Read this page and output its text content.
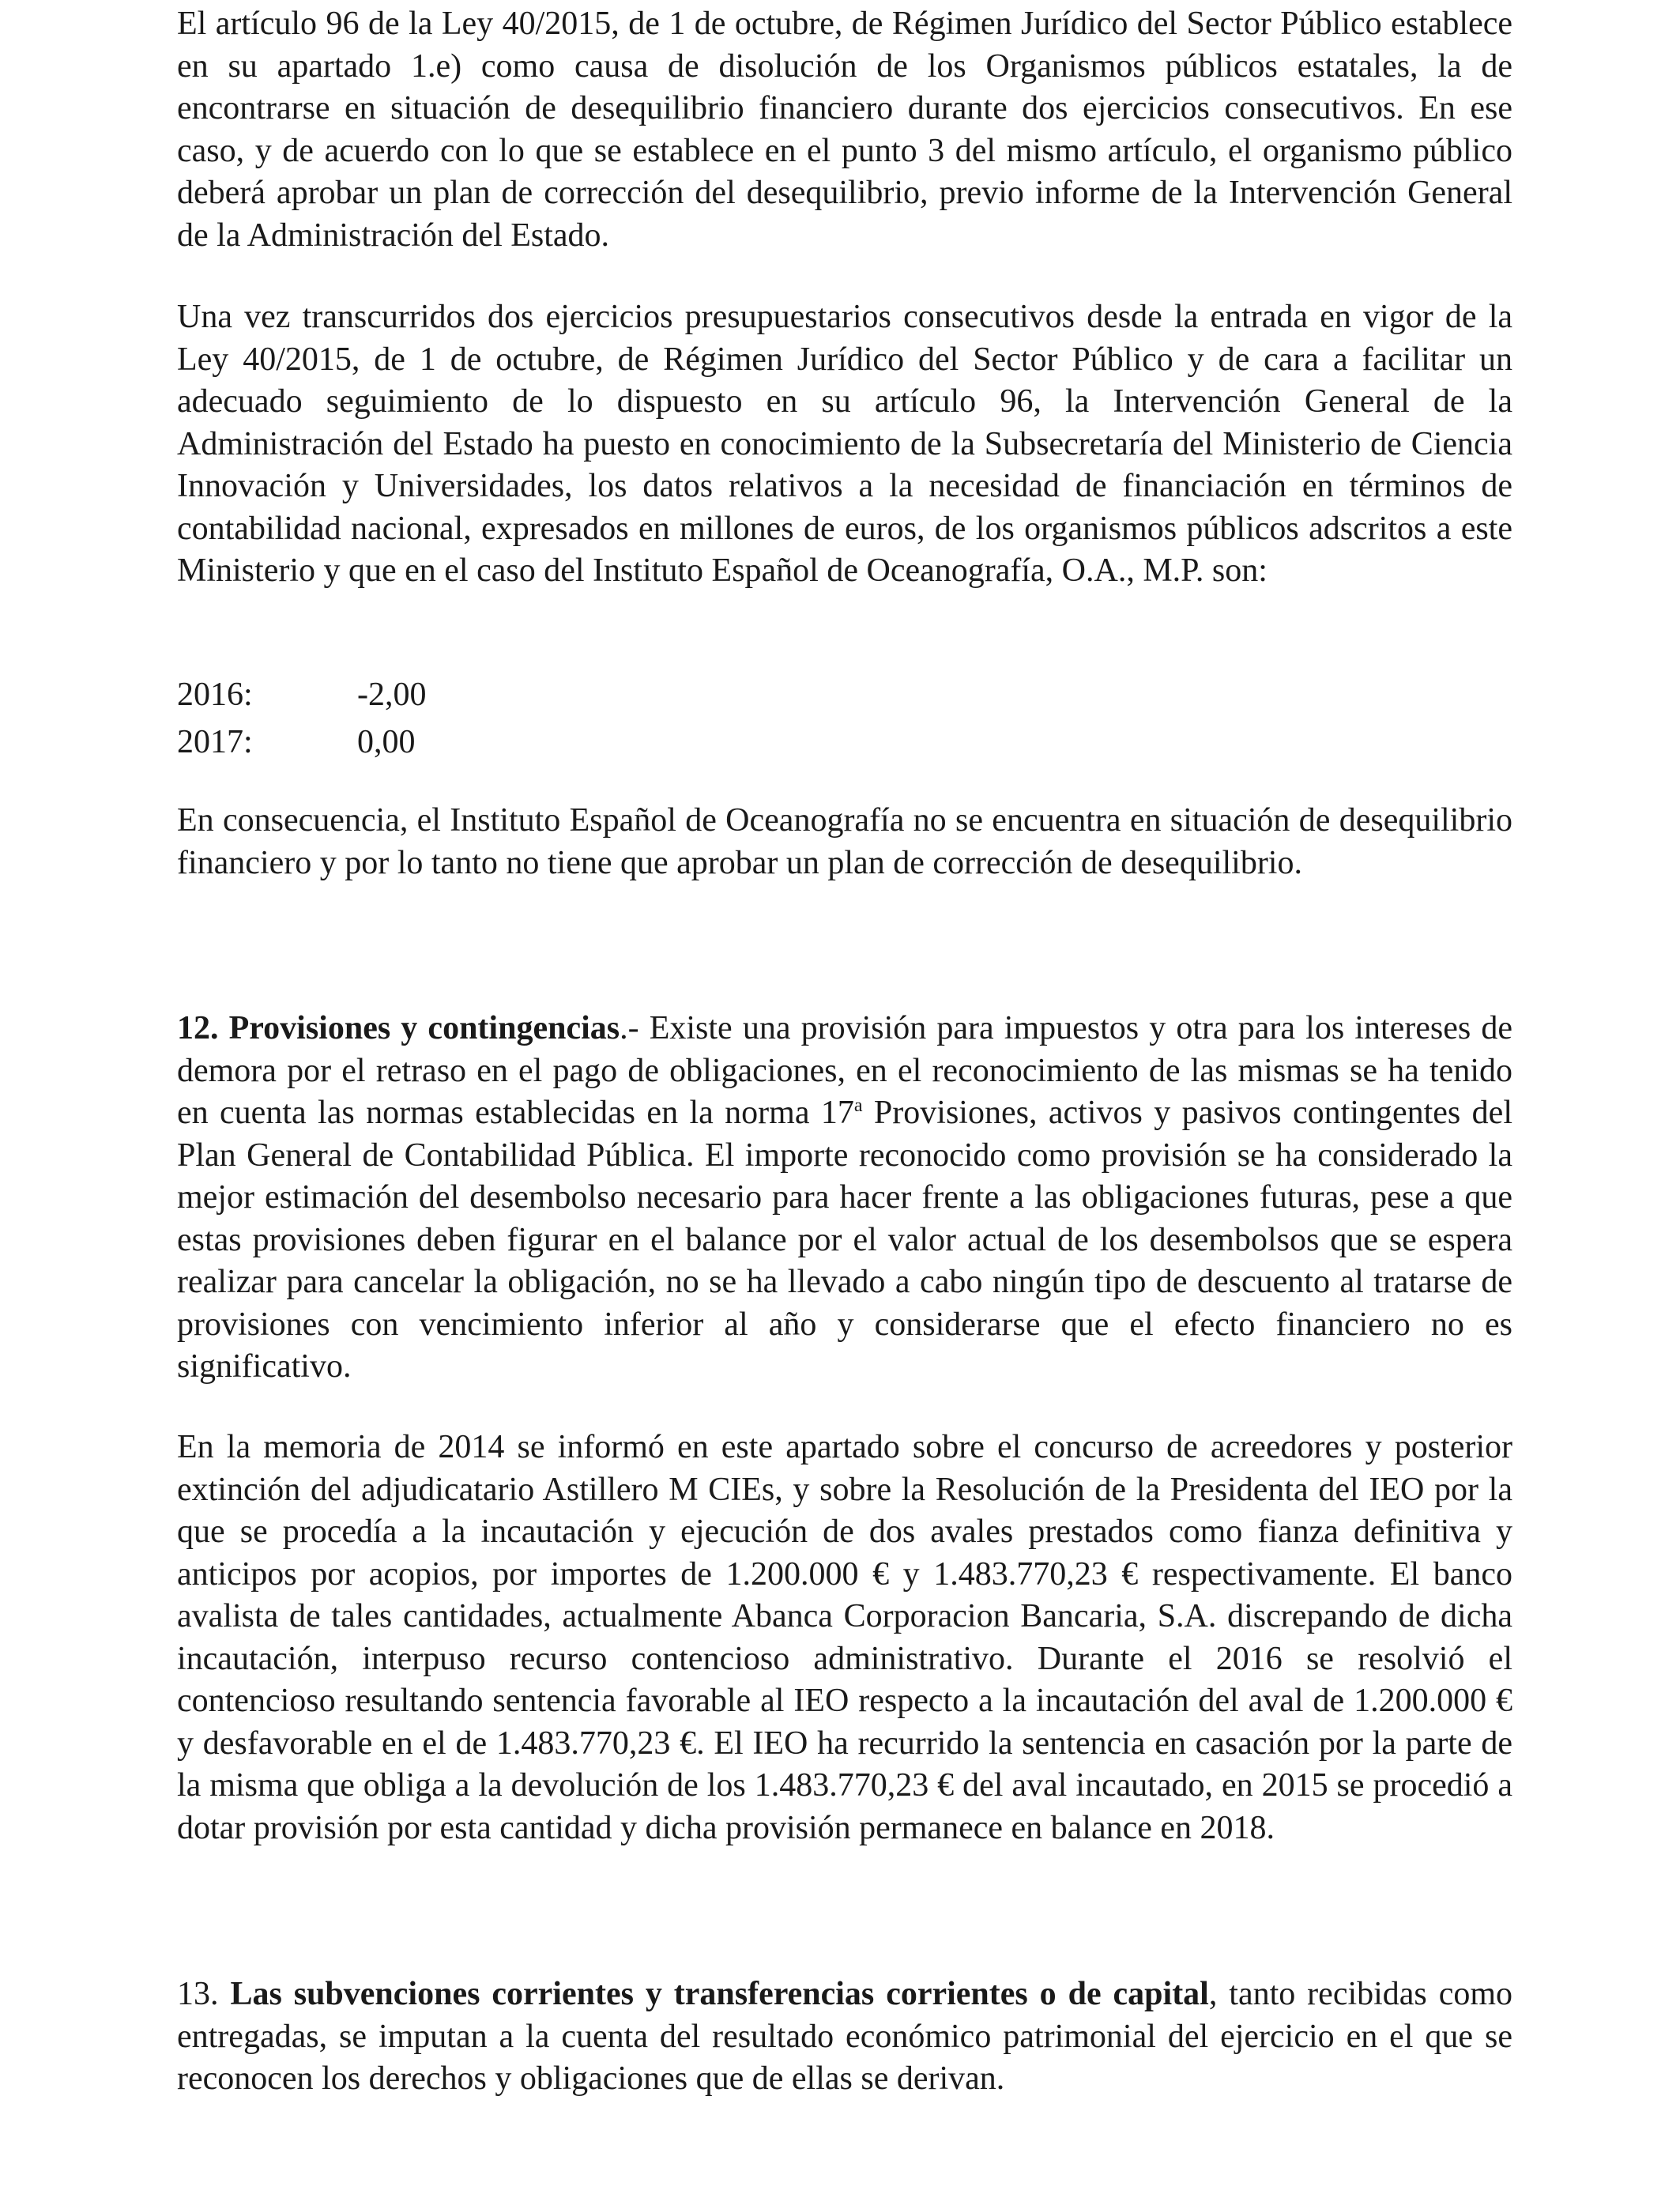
El artículo 96 de la Ley 40/2015, de 1 de octubre, de Régimen Jurídico del Sector Público establece en su apartado 1.e) como causa de disolución de los Organismos públicos estatales, la de encontrarse en situación de desequilibrio financiero durante dos ejercicios consecutivos. En ese caso, y de acuerdo con lo que se establece en el punto 3 del mismo artículo, el organismo público deberá aprobar un plan de corrección del desequilibrio, previo informe de la Intervención General de la Administración del Estado.

Una vez transcurridos dos ejercicios presupuestarios consecutivos desde la entrada en vigor de la Ley 40/2015, de 1 de octubre, de Régimen Jurídico del Sector Público y de cara a facilitar un adecuado seguimiento de lo dispuesto en su artículo 96, la Intervención General de la Administración del Estado ha puesto en conocimiento de la Subsecretaría del Ministerio de Ciencia Innovación y Universidades, los datos relativos a la necesidad de financiación en términos de contabilidad nacional, expresados en millones de euros, de los organismos públicos adscritos a este Ministerio y que en el caso del Instituto Español de Oceanografía, O.A., M.P. son:

2016:	-2,00
2017:	0,00

En consecuencia, el Instituto Español de Oceanografía no se encuentra en situación de desequilibrio financiero y por lo tanto no tiene que aprobar un plan de corrección de desequilibrio.

12. Provisiones y contingencias.- Existe una provisión para impuestos y otra para los intereses de demora por el retraso en el pago de obligaciones, en el reconocimiento de las mismas se ha tenido en cuenta las normas establecidas en la norma 17$^a$ Provisiones, activos y pasivos contingentes del Plan General de Contabilidad Pública. El importe reconocido como provisión se ha considerado la mejor estimación del desembolso necesario para hacer frente a las obligaciones futuras, pese a que estas provisiones deben figurar en el balance por el valor actual de los desembolsos que se espera realizar para cancelar la obligación, no se ha llevado a cabo ningún tipo de descuento al tratarse de provisiones con vencimiento inferior al año y considerarse que el efecto financiero no es significativo.

En la memoria de 2014 se informó en este apartado sobre el concurso de acreedores y posterior extinción del adjudicatario Astillero M CIEs, y sobre la Resolución de la Presidenta del IEO por la que se procedía a la incautación y ejecución de dos avales prestados como fianza definitiva y anticipos por acopios, por importes de 1.200.000 € y 1.483.770,23 € respectivamente. El banco avalista de tales cantidades, actualmente Abanca Corporacion Bancaria, S.A. discrepando de dicha incautación, interpuso recurso contencioso administrativo. Durante el 2016 se resolvió el contencioso resultando sentencia favorable al IEO respecto a la incautación del aval de 1.200.000 € y desfavorable en el de 1.483.770,23 €. El IEO ha recurrido la sentencia en casación por la parte de la misma que obliga a la devolución de los 1.483.770,23 € del aval incautado, en 2015 se procedió a dotar provisión por esta cantidad y dicha provisión permanece en balance en 2018.

13. Las subvenciones corrientes y transferencias corrientes o de capital, tanto recibidas como entregadas, se imputan a la cuenta del resultado económico patrimonial del ejercicio en el que se reconocen los derechos y obligaciones que de ellas se derivan.
